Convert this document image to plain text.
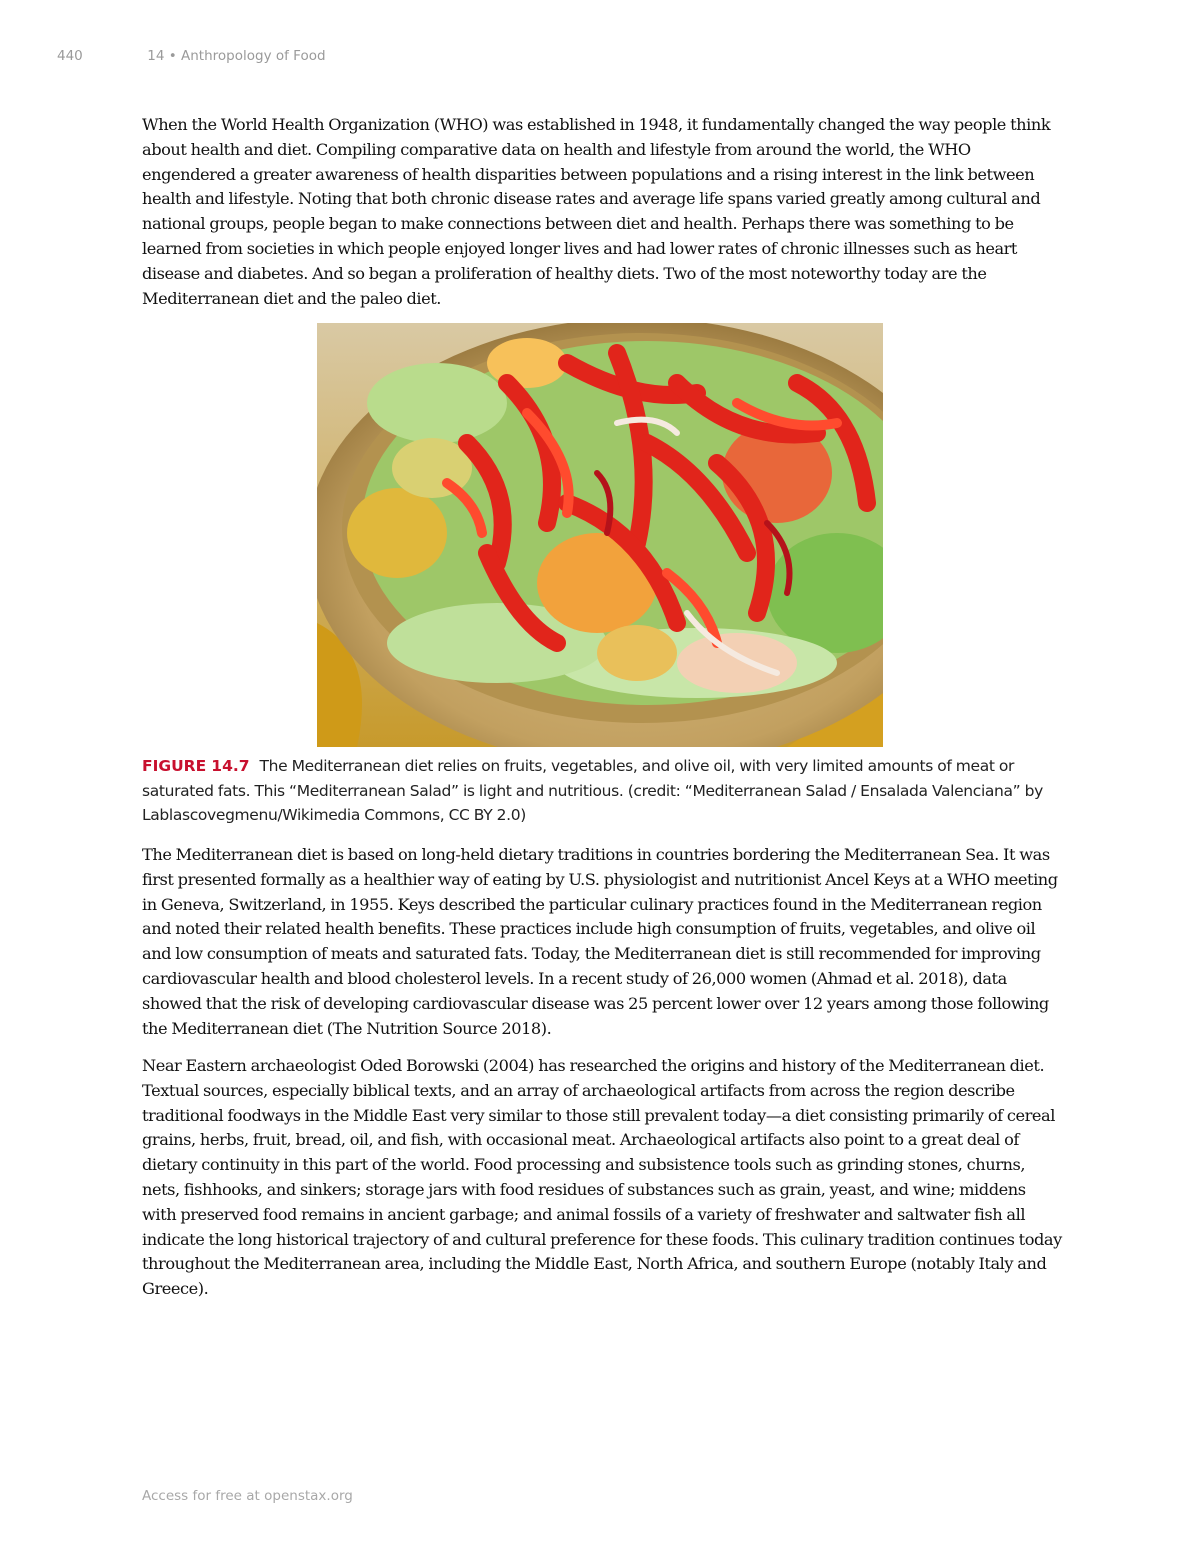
440	14 • Anthropology of Food

When the World Health Organization (WHO) was established in 1948, it fundamentally changed the way people think about health and diet. Compiling comparative data on health and lifestyle from around the world, the WHO engendered a greater awareness of health disparities between populations and a rising interest in the link between health and lifestyle. Noting that both chronic disease rates and average life spans varied greatly among cultural and national groups, people began to make connections between diet and health. Perhaps there was something to be learned from societies in which people enjoyed longer lives and had lower rates of chronic illnesses such as heart disease and diabetes. And so began a proliferation of healthy diets. Two of the most noteworthy today are the Mediterranean diet and the paleo diet.

FIGURE 14.7 The Mediterranean diet relies on fruits, vegetables, and olive oil, with very limited amounts of meat or saturated fats. This “Mediterranean Salad” is light and nutritious. (credit: “Mediterranean Salad / Ensalada Valenciana” by Lablascovegmenu/Wikimedia Commons, CC BY 2.0)

The Mediterranean diet is based on long-held dietary traditions in countries bordering the Mediterranean Sea. It was first presented formally as a healthier way of eating by U.S. physiologist and nutritionist Ancel Keys at a WHO meeting in Geneva, Switzerland, in 1955. Keys described the particular culinary practices found in the Mediterranean region and noted their related health benefits. These practices include high consumption of fruits, vegetables, and olive oil and low consumption of meats and saturated fats. Today, the Mediterranean diet is still recommended for improving cardiovascular health and blood cholesterol levels. In a recent study of 26,000 women (Ahmad et al. 2018), data showed that the risk of developing cardiovascular disease was 25 percent lower over 12 years among those following the Mediterranean diet (The Nutrition Source 2018).

Near Eastern archaeologist Oded Borowski (2004) has researched the origins and history of the Mediterranean diet. Textual sources, especially biblical texts, and an array of archaeological artifacts from across the region describe traditional foodways in the Middle East very similar to those still prevalent today—a diet consisting primarily of cereal grains, herbs, fruit, bread, oil, and fish, with occasional meat. Archaeological artifacts also point to a great deal of dietary continuity in this part of the world. Food processing and subsistence tools such as grinding stones, churns, nets, fishhooks, and sinkers; storage jars with food residues of substances such as grain, yeast, and wine; middens with preserved food remains in ancient garbage; and animal fossils of a variety of freshwater and saltwater fish all indicate the long historical trajectory of and cultural preference for these foods. This culinary tradition continues today throughout the Mediterranean area, including the Middle East, North Africa, and southern Europe (notably Italy and Greece).

Access for free at openstax.org
